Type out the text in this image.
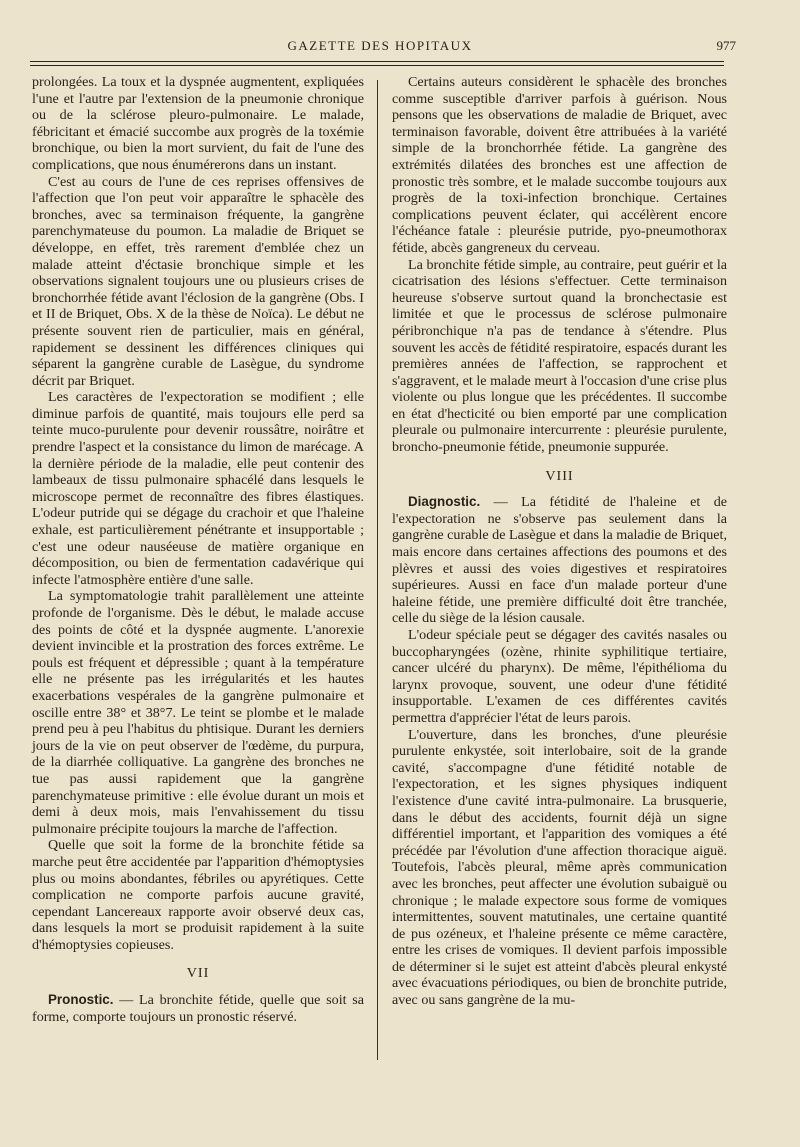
GAZETTE DES HOPITAUX	977

prolongées. La toux et la dyspnée augmentent, expliquées l'une et l'autre par l'extension de la pneumonie chronique ou de la sclérose pleuro-pulmonaire. Le malade, fébricitant et émacié succombe aux progrès de la toxémie bronchique, ou bien la mort survient, du fait de l'une des complications, que nous énumérerons dans un instant.

C'est au cours de l'une de ces reprises offensives de l'affection que l'on peut voir apparaître le sphacèle des bronches, avec sa terminaison fréquente, la gangrène parenchymateuse du poumon. La maladie de Briquet se développe, en effet, très rarement d'emblée chez un malade atteint d'éctasie bronchique simple et les observations signalent toujours une ou plusieurs crises de bronchorrhée fétide avant l'éclosion de la gangrène (Obs. I et II de Briquet, Obs. X de la thèse de Noïca). Le début ne présente souvent rien de particulier, mais en général, rapidement se dessinent les différences cliniques qui séparent la gangrène curable de Lasègue, du syndrome décrit par Briquet.

Les caractères de l'expectoration se modifient ; elle diminue parfois de quantité, mais toujours elle perd sa teinte muco-purulente pour devenir roussâtre, noirâtre et prendre l'aspect et la consistance du limon de marécage. A la dernière période de la maladie, elle peut contenir des lambeaux de tissu pulmonaire sphacélé dans lesquels le microscope permet de reconnaître des fibres élastiques. L'odeur putride qui se dégage du crachoir et que l'haleine exhale, est particulièrement pénétrante et insupportable ; c'est une odeur nauséeuse de matière organique en décomposition, ou bien de fermentation cadavérique qui infecte l'atmosphère entière d'une salle.

La symptomatologie trahit parallèlement une atteinte profonde de l'organisme. Dès le début, le malade accuse des points de côté et la dyspnée augmente. L'anorexie devient invincible et la prostration des forces extrême. Le pouls est fréquent et dépressible ; quant à la température elle ne présente pas les irrégularités et les hautes exacerbations vespérales de la gangrène pulmonaire et oscille entre 38° et 38°7. Le teint se plombe et le malade prend peu à peu l'habitus du phtisique. Durant les derniers jours de la vie on peut observer de l'œdème, du purpura, de la diarrhée colliquative. La gangrène des bronches ne tue pas aussi rapidement que la gangrène parenchymateuse primitive : elle évolue durant un mois et demi à deux mois, mais l'envahissement du tissu pulmonaire précipite toujours la marche de l'affection.

Quelle que soit la forme de la bronchite fétide sa marche peut être accidentée par l'apparition d'hémoptysies plus ou moins abondantes, fébriles ou apyrétiques. Cette complication ne comporte parfois aucune gravité, cependant Lancereaux rapporte avoir observé deux cas, dans lesquels la mort se produisit rapidement à la suite d'hémoptysies copieuses.

VII

Pronostic. — La bronchite fétide, quelle que soit sa forme, comporte toujours un pronostic réservé.

Certains auteurs considèrent le sphacèle des bronches comme susceptible d'arriver parfois à guérison. Nous pensons que les observations de maladie de Briquet, avec terminaison favorable, doivent être attribuées à la variété simple de la bronchorrhée fétide. La gangrène des extrémités dilatées des bronches est une affection de pronostic très sombre, et le malade succombe toujours aux progrès de la toxi-infection bronchique. Certaines complications peuvent éclater, qui accélèrent encore l'échéance fatale : pleurésie putride, pyo-pneumothorax fétide, abcès gangreneux du cerveau.

La bronchite fétide simple, au contraire, peut guérir et la cicatrisation des lésions s'effectuer. Cette terminaison heureuse s'observe surtout quand la bronchectasie est limitée et que le processus de sclérose pulmonaire péribronchique n'a pas de tendance à s'étendre. Plus souvent les accès de fétidité respiratoire, espacés durant les premières années de l'affection, se rapprochent et s'aggravent, et le malade meurt à l'occasion d'une crise plus violente ou plus longue que les précédentes. Il succombe en état d'hecticité ou bien emporté par une complication pleurale ou pulmonaire intercurrente : pleurésie purulente, broncho-pneumonie fétide, pneumonie suppurée.

VIII

Diagnostic. — La fétidité de l'haleine et de l'expectoration ne s'observe pas seulement dans la gangrène curable de Lasègue et dans la maladie de Briquet, mais encore dans certaines affections des poumons et des plèvres et aussi des voies digestives et respiratoires supérieures. Aussi en face d'un malade porteur d'une haleine fétide, une première difficulté doit être tranchée, celle du siège de la lésion causale.

L'odeur spéciale peut se dégager des cavités nasales ou buccopharyngées (ozène, rhinite syphilitique tertiaire, cancer ulcéré du pharynx). De même, l'épithélioma du larynx provoque, souvent, une odeur d'une fétidité insupportable. L'examen de ces différentes cavités permettra d'apprécier l'état de leurs parois.

L'ouverture, dans les bronches, d'une pleurésie purulente enkystée, soit interlobaire, soit de la grande cavité, s'accompagne d'une fétidité notable de l'expectoration, et les signes physiques indiquent l'existence d'une cavité intra-pulmonaire. La brusquerie, dans le début des accidents, fournit déjà un signe différentiel important, et l'apparition des vomiques a été précédée par l'évolution d'une affection thoracique aiguë. Toutefois, l'abcès pleural, même après communication avec les bronches, peut affecter une évolution subaiguë ou chronique ; le malade expectore sous forme de vomiques intermittentes, souvent matutinales, une certaine quantité de pus ozéneux, et l'haleine présente ce même caractère, entre les crises de vomiques. Il devient parfois impossible de déterminer si le sujet est atteint d'abcès pleural enkysté avec évacuations périodiques, ou bien de bronchite putride, avec ou sans gangrène de la mu-
